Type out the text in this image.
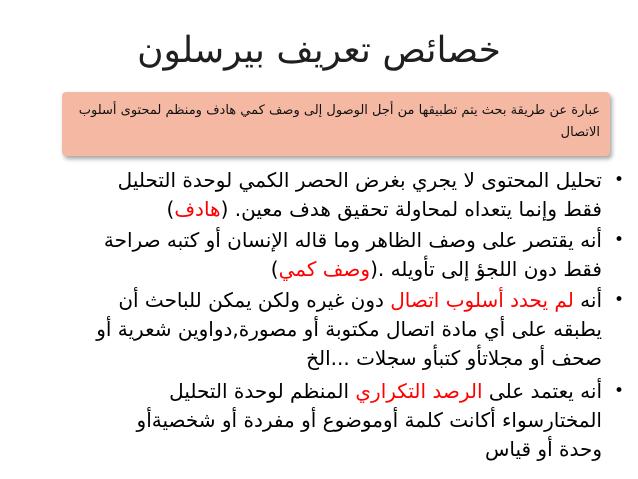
خصائص تعريف بيرسلون
عبارة عن طريقة بحث يتم تطبيقها من أجل الوصول إلى وصف كمي هادف ومنظم لمحتوى أسلوب
الاتصال
•
تحليل المحتوى لا يجري بغرض الحصر الكمي لوحدة التحليل
فقط وإنما يتعداه لمحاولة تحقيق هدف معين. (هادف)
•
أنه يقتصر على وصف الظاهر وما قاله الإنسان أو كتبه صراحة
فقط دون اللجؤ إلى تأويله .(وصف كمي)
•
أنه لم يحدد أسلوب اتصال دون غيره ولكن يمكن للباحث أن
يطبقه على أي مادة اتصال مكتوبة أو مصورة,دواوين شعرية أو
صحف أو مجلاتأو كتبأو سجلات ...الخ
•
أنه يعتمد على الرصد التكراري المنظم لوحدة التحليل
المختارسواء أكانت كلمة أوموضوع أو مفردة أو شخصيةأو
وحدة أو قياس
